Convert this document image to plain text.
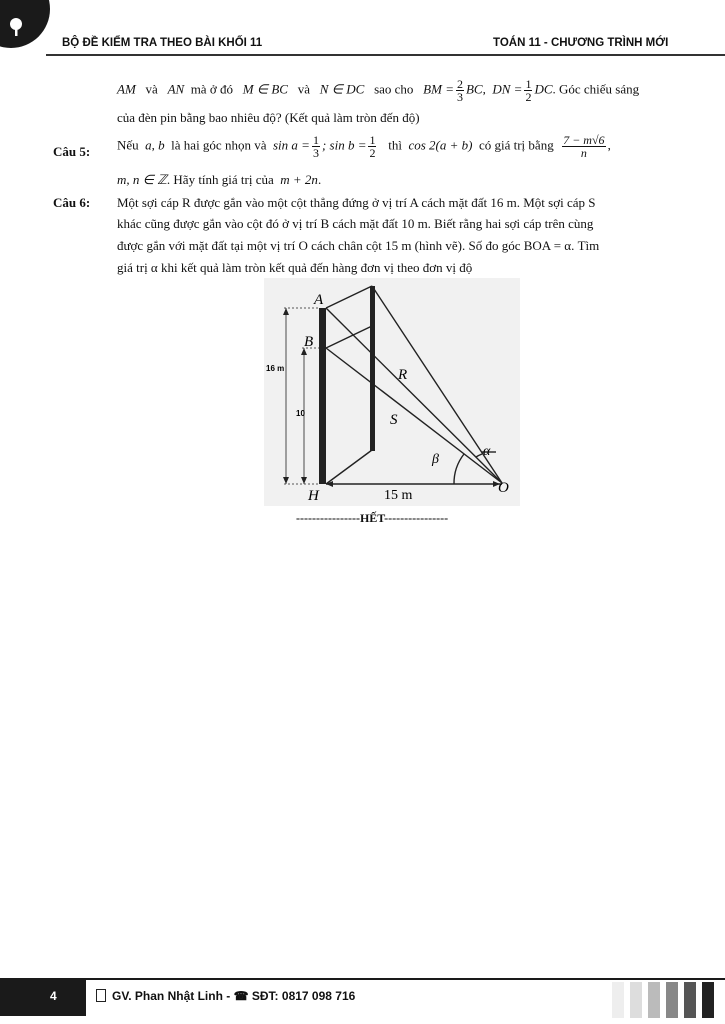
BỘ ĐỀ KIỂM TRA THEO BÀI KHỐI 11	TOÁN 11 - CHƯƠNG TRÌNH MỚI
AM và AN mà ở đó M ∈ BC và N ∈ DC sao cho BM = $\frac{2}{3}$ BC, DN = $\frac{1}{2}$ DC. Góc chiếu sáng
của đèn pin bằng bao nhiêu độ? (Kết quả làm tròn đến độ)
Câu 5: Nếu a, b là hai góc nhọn và $\sin a = \frac{1}{3}$ ; $\sin b = \frac{1}{2}$ thì cos 2(a + b) có giá trị bằng $\frac{7 - m√6}{n}$ ,
m, n ∈ ℤ. Hãy tính giá trị của m + 2n.
Câu 6: Một sợi cáp R được gắn vào một cột thẳng đứng ở vị trí A cách mặt đất 16 m. Một sợi cáp S
khác cũng được gắn vào cột đó ở vị trí B cách mặt đất 10 m. Biết rằng hai sợi cáp trên cùng
được gắn với mặt đất tại một vị trí O cách chân cột 15 m (hình vẽ). Số đo góc BOA = α. Tìm
giá trị α khi kết quả làm tròn kết quả đến hàng đơn vị theo đơn vị độ
A
B
H	O
R
S
α
β
16 m
10
15 m
----------------HẾT----------------
4	GV. Phan Nhật Linh - ☎ SĐT: 0817 098 716
